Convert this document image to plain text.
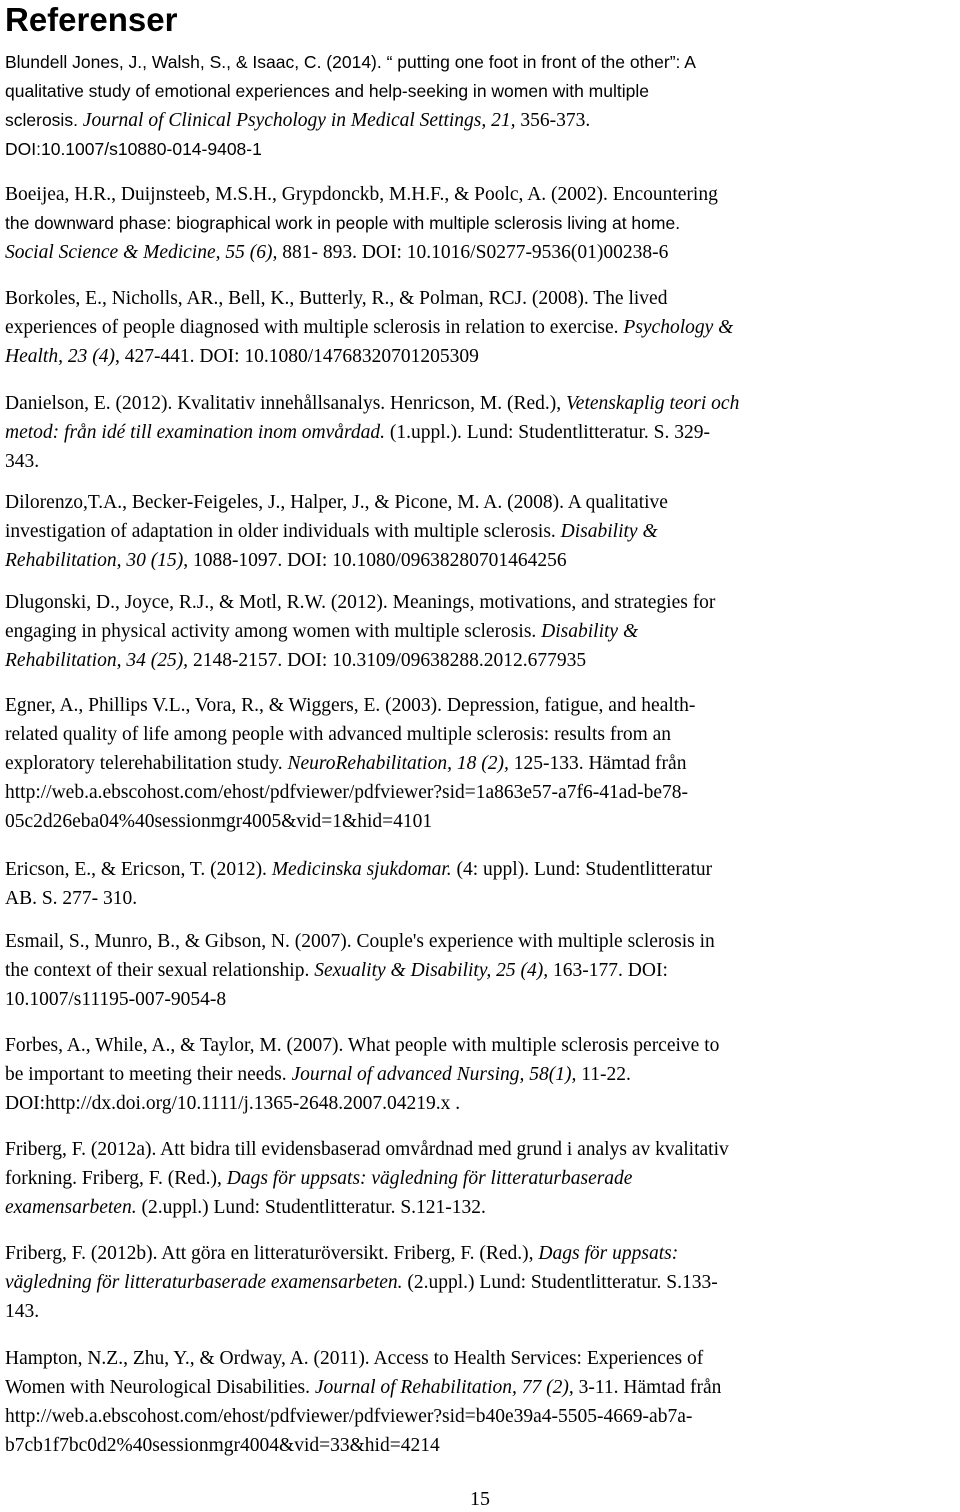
Referenser
Blundell Jones, J., Walsh, S., & Isaac, C. (2014). “ putting one foot in front of the other”: A
qualitative study of emotional experiences and help-seeking in women with multiple
sclerosis. Journal of Clinical Psychology in Medical Settings, 21, 356-373.
DOI:10.1007/s10880-014-9408-1
Boeijea, H.R., Duijnsteeb, M.S.H., Grypdonckb, M.H.F., & Poolc, A. (2002). Encountering
the downward phase: biographical work in people with multiple sclerosis living at home.
Social Science & Medicine, 55 (6), 881- 893. DOI: 10.1016/S0277-9536(01)00238-6
Borkoles, E., Nicholls, AR., Bell, K., Butterly, R., & Polman, RCJ. (2008). The lived
experiences of people diagnosed with multiple sclerosis in relation to exercise. Psychology &
Health, 23 (4), 427-441. DOI: 10.1080/14768320701205309
Danielson, E. (2012). Kvalitativ innehållsanalys. Henricson, M. (Red.), Vetenskaplig teori och
metod: från idé till examination inom omvårdad. (1.uppl.). Lund: Studentlitteratur. S. 329-
343.
Dilorenzo,T.A., Becker-Feigeles, J., Halper, J., & Picone, M. A. (2008). A qualitative
investigation of adaptation in older individuals with multiple sclerosis. Disability &
Rehabilitation, 30 (15), 1088-1097. DOI: 10.1080/09638280701464256
Dlugonski, D., Joyce, R.J., & Motl, R.W. (2012). Meanings, motivations, and strategies for
engaging in physical activity among women with multiple sclerosis. Disability &
Rehabilitation, 34 (25), 2148-2157. DOI: 10.3109/09638288.2012.677935
Egner, A., Phillips V.L., Vora, R., & Wiggers, E. (2003). Depression, fatigue, and health-
related quality of life among people with advanced multiple sclerosis: results from an
exploratory telerehabilitation study. NeuroRehabilitation, 18 (2), 125-133. Hämtad från
http://web.a.ebscohost.com/ehost/pdfviewer/pdfviewer?sid=1a863e57-a7f6-41ad-be78-
05c2d26eba04%40sessionmgr4005&vid=1&hid=4101
Ericson, E., & Ericson, T. (2012). Medicinska sjukdomar. (4: uppl). Lund: Studentlitteratur
AB. S. 277- 310.
Esmail, S., Munro, B., & Gibson, N. (2007). Couple's experience with multiple sclerosis in
the context of their sexual relationship. Sexuality & Disability, 25 (4), 163-177. DOI:
10.1007/s11195-007-9054-8
Forbes, A., While, A., & Taylor, M. (2007). What people with multiple sclerosis perceive to
be important to meeting their needs. Journal of advanced Nursing, 58(1), 11-22.
DOI:http://dx.doi.org/10.1111/j.1365-2648.2007.04219.x .
Friberg, F. (2012a). Att bidra till evidensbaserad omvårdnad med grund i analys av kvalitativ
forkning. Friberg, F. (Red.), Dags för uppsats: vägledning för litteraturbaserade
examensarbeten. (2.uppl.) Lund: Studentlitteratur. S.121-132.
Friberg, F. (2012b). Att göra en litteraturöversikt. Friberg, F. (Red.), Dags för uppsats:
vägledning för litteraturbaserade examensarbeten. (2.uppl.) Lund: Studentlitteratur. S.133-
143.
Hampton, N.Z., Zhu, Y., & Ordway, A. (2011). Access to Health Services: Experiences of
Women with Neurological Disabilities. Journal of Rehabilitation, 77 (2), 3-11. Hämtad från
http://web.a.ebscohost.com/ehost/pdfviewer/pdfviewer?sid=b40e39a4-5505-4669-ab7a-
b7cb1f7bc0d2%40sessionmgr4004&vid=33&hid=4214
15
